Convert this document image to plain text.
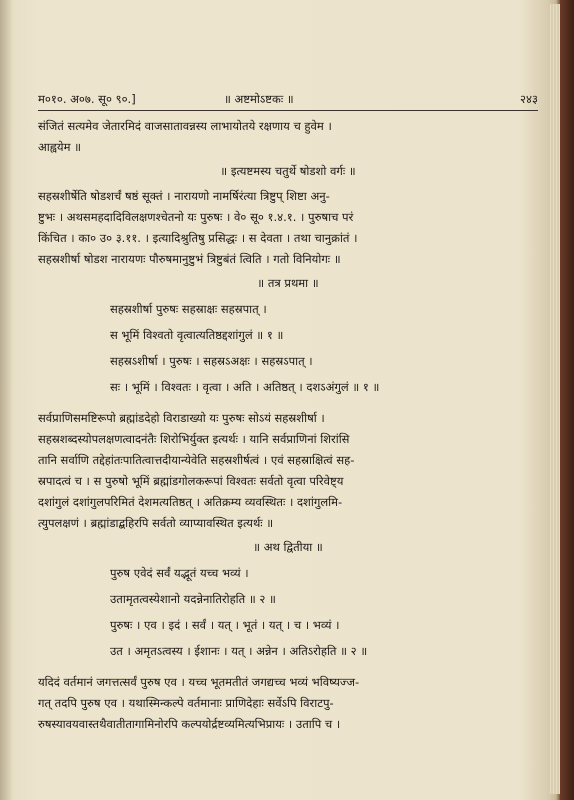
म०१०. अ०७. सू० ९०.]	॥ अष्टमोऽष्टकः ॥	२४३

संजितं सत्यमेव जेतारमिदं वाजसातावन्नस्य लाभायोतये रक्षणाय च हुवेम ।

आह्वयेम ॥

॥ इत्यष्टमस्य चतुर्थे षोडशो वर्गः ॥

सहस्रशीर्षेति षोडशर्चं षष्ठं सूक्तं । नारायणो नामर्षिरंत्या त्रिष्टुप् शिष्टा अनु-

ष्टुभः । अथसमहदादिविलक्षणश्चेतनो यः पुरुषः । वे० सू० १.४.१. । पुरुषाच परं

किंचित । का० उ० ३.११. । इत्यादिश्रुतिषु प्रसिद्धः । स देवता । तथा चानुक्रांतं ।

सहस्रशीर्षा षोडश नारायणः पौरुषमानुष्टुभं त्रिष्टुबंतं त्विति । गतो विनियोगः ॥

॥ तत्र प्रथमा ॥

सहस्रशीर्षा पुरुषः सहस्राक्षः सहस्रपात् ।

स भूमिं विश्वतो वृत्वात्यतिष्ठद्दशांगुलं ॥ १ ॥

सहस्रऽशीर्षा । पुरुषः । सहस्रऽअक्षः । सहस्रऽपात् ।

सः । भूमिं । विश्वतः । वृत्वा । अति । अतिष्ठत् । दशऽअंगुलं ॥ १ ॥

सर्वप्राणिसमष्टिरूपो ब्रह्मांडदेहो विराडाख्यो यः पुरुषः सोऽयं सहस्रशीर्षा ।

सहस्रशब्दस्योपलक्षणत्वादनंतैः शिरोभिर्युक्त इत्यर्थः । यानि सर्वप्राणिनां शिरांसि

तानि सर्वाणि तद्देहांतःपातित्वात्तदीयान्येवेति सहस्रशीर्षत्वं । एवं सहस्राक्षित्वं सह-

स्रपादत्वं च । स पुरुषो भूमिं ब्रह्मांडगोलकरूपां विश्वतः सर्वतो वृत्वा परिवेष्ट्य

दशांगुलं दशांगुलपरिमितं देशमत्यतिष्ठत् । अतिक्रम्य व्यवस्थितः । दशांगुलमि-

त्युपलक्षणं । ब्रह्मांडाद्बहिरपि सर्वतो व्याप्यावस्थित इत्यर्थः ॥

॥ अथ द्वितीया ॥

पुरुष एवेदं सर्वं यद्भूतं यच्च भव्यं ।

उतामृतत्वस्येशानो यदन्नेनातिरोहति ॥ २ ॥

पुरुषः । एव । इदं । सर्वं । यत् । भूतं । यत् । च । भव्यं ।

उत । अमृतऽत्वस्य । ईशानः । यत् । अन्नेन । अतिऽरोहति ॥ २ ॥

यदिदं वर्तमानं जगत्तत्सर्वं पुरुष एव । यच्च भूतमतीतं जगद्यच्च भव्यं भविष्यज्ज-

गत् तदपि पुरुष एव । यथास्मिन्कल्पे वर्तमानाः प्राणिदेहाः सर्वेऽपि विराटपु-

रुषस्यावयवास्तथैवातीतागामिनोरपि कल्पयोर्द्रष्टव्यमित्यभिप्रायः । उतापि च ।
